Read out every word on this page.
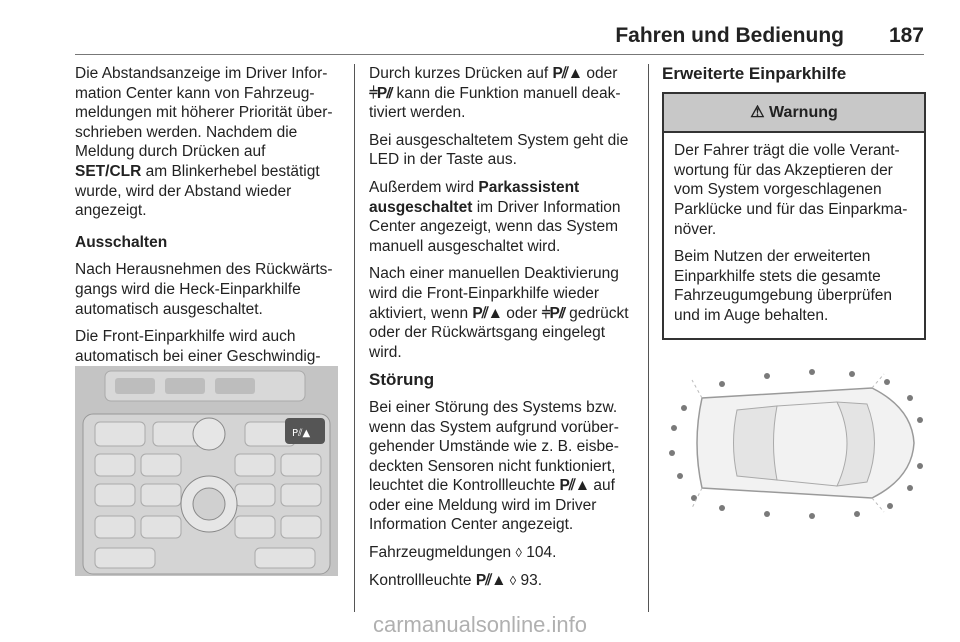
Fahren und Bedienung 187

Die Abstandsanzeige im Driver Infor- mation Center kann von Fahrzeug- meldungen mit höherer Priorität über- schrieben werden. Nachdem die Meldung durch Drücken auf
SET/CLR am Blinkerhebel bestätigt wurde, wird der Abstand wieder angezeigt.

Ausschalten

Nach Herausnehmen des Rückwärts- gangs wird die Heck-Einparkhilfe automatisch ausgeschaltet.

Die Front-Einparkhilfe wird auch automatisch bei einer Geschwindig-

P⫽▲

Durch kurzes Drücken auf P⫽▲ oder ⫩P⫽ kann die Funktion manuell deak- tiviert werden.

Bei ausgeschaltetem System geht die LED in der Taste aus.

Außerdem wird Parkassistent ausgeschaltet im Driver Information Center angezeigt, wenn das System manuell ausgeschaltet wird.

Nach einer manuellen Deaktivierung wird die Front-Einparkhilfe wieder aktiviert, wenn P⫽▲ oder ⫩P⫽ gedrückt oder der Rückwärtsgang eingelegt wird.

Störung

Bei einer Störung des Systems bzw. wenn das System aufgrund vorüber- gehender Umstände wie z. B. eisbe- deckten Sensoren nicht funktioniert, leuchtet die Kontrollleuchte P⫽▲ auf oder eine Meldung wird im Driver Information Center angezeigt.

Fahrzeugmeldungen ◊ 104.

Kontrollleuchte P⫽▲ ◊ 93.

Erweiterte Einparkhilfe

⚠ Warnung

Der Fahrer trägt die volle Verant- wortung für das Akzeptieren der vom System vorgeschlagenen Parklücke und für das Einparkma- növer.

Beim Nutzen der erweiterten Einparkhilfe stets die gesamte Fahrzeugumgebung überprüfen und im Auge behalten.

carmanualsonline.info
